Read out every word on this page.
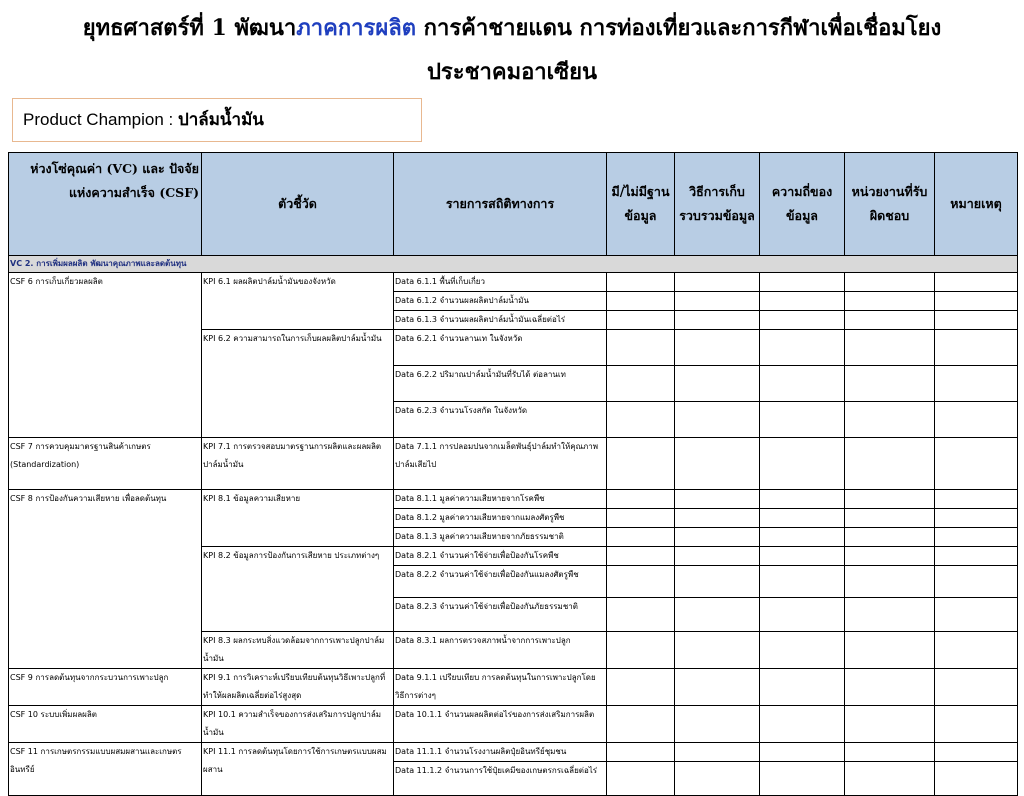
ยุทธศาสตร์ที่ 1 พัฒนาภาคการผลิต การค้าชายแดน การท่องเที่ยวและการกีฬาเพื่อเชื่อมโยง
ประชาคมอาเซียน
Product Champion : ปาล์มน้ำมัน
ห่วงโซ่คุณค่า (VC) และ ปัจจัยแห่งความสำเร็จ (CSF)	ตัวชี้วัด	รายการสถิติทางการ	มี/ไม่มีฐานข้อมูล	วิธีการเก็บรวบรวมข้อมูล	ความถี่ของข้อมูล	หน่วยงานที่รับผิดชอบ	หมายเหตุ
VC 2. การเพิ่มผลผลิต พัฒนาคุณภาพและลดต้นทุน							
CSF 6 การเก็บเกี่ยวผลผลิต	KPI 6.1 ผลผลิตปาล์มน้ำมันของจังหวัด	Data 6.1.1 พื้นที่เก็บเกี่ยว					
		Data 6.1.2 จำนวนผลผลิตปาล์มน้ำมัน					
		Data 6.1.3 จำนวนผลผลิตปาล์มน้ำมันเฉลี่ยต่อไร่					
	KPI 6.2 ความสามารถในการเก็บผลผลิตปาล์มน้ำมัน	Data 6.2.1 จำนวนลานเท ในจังหวัด					
		Data 6.2.2 ปริมาณปาล์มน้ำมันที่รับได้ ต่อลานเท					
		Data 6.2.3 จำนวนโรงสกัด ในจังหวัด					
CSF 7 การควบคุมมาตรฐานสินค้าเกษตร (Standardization)	KPI 7.1 การตรวจสอบมาตรฐานการผลิตและผลผลิตปาล์มน้ำมัน	Data 7.1.1 การปลอมปนจากเมล็ดพันธุ์ปาล์มทำให้คุณภาพปาล์มเสียไป					
CSF 8 การป้องกันความเสียหาย เพื่อลดต้นทุน	KPI 8.1 ข้อมูลความเสียหาย	Data 8.1.1 มูลค่าความเสียหายจากโรคพืช					
		Data 8.1.2 มูลค่าความเสียหายจากแมลงศัตรูพืช					
		Data 8.1.3 มูลค่าความเสียหายจากภัยธรรมชาติ					
	KPI 8.2 ข้อมูลการป้องกันการเสียหาย ประเภทต่างๆ	Data 8.2.1 จำนวนค่าใช้จ่ายเพื่อป้องกันโรคพืช					
		Data 8.2.2 จำนวนค่าใช้จ่ายเพื่อป้องกันแมลงศัตรูพืช					
		Data 8.2.3 จำนวนค่าใช้จ่ายเพื่อป้องกันภัยธรรมชาติ					
	KPI 8.3 ผลกระทบสิ่งแวดล้อมจากการเพาะปลูกปาล์มน้ำมัน	Data 8.3.1 ผลการตรวจสภาพน้ำจากการเพาะปลูก					
CSF 9 การลดต้นทุนจากกระบวนการเพาะปลูก	KPI 9.1 การวิเคราะห์เปรียบเทียบต้นทุนวิธีเพาะปลูกที่ทำให้ผลผลิตเฉลี่ยต่อไร่สูงสุด	Data 9.1.1 เปรียบเทียบ การลดต้นทุนในการเพาะปลูกโดยวิธีการต่างๆ					
CSF 10 ระบบเพิ่มผลผลิต	KPI 10.1 ความสำเร็จของการส่งเสริมการปลูกปาล์มน้ำมัน	Data 10.1.1 จำนวนผลผลิตต่อไร่ของการส่งเสริมการผลิต					
CSF 11 การเกษตรกรรมแบบผสมผสานและเกษตรอินทรีย์	KPI 11.1 การลดต้นทุนโดยการใช้การเกษตรแบบผสมผสาน	Data 11.1.1 จำนวนโรงงานผลิตปุ๋ยอินทรีย์ชุมชน					
		Data 11.1.2 จำนวนการใช้ปุ๋ยเคมีของเกษตรกรเฉลี่ยต่อไร่					
